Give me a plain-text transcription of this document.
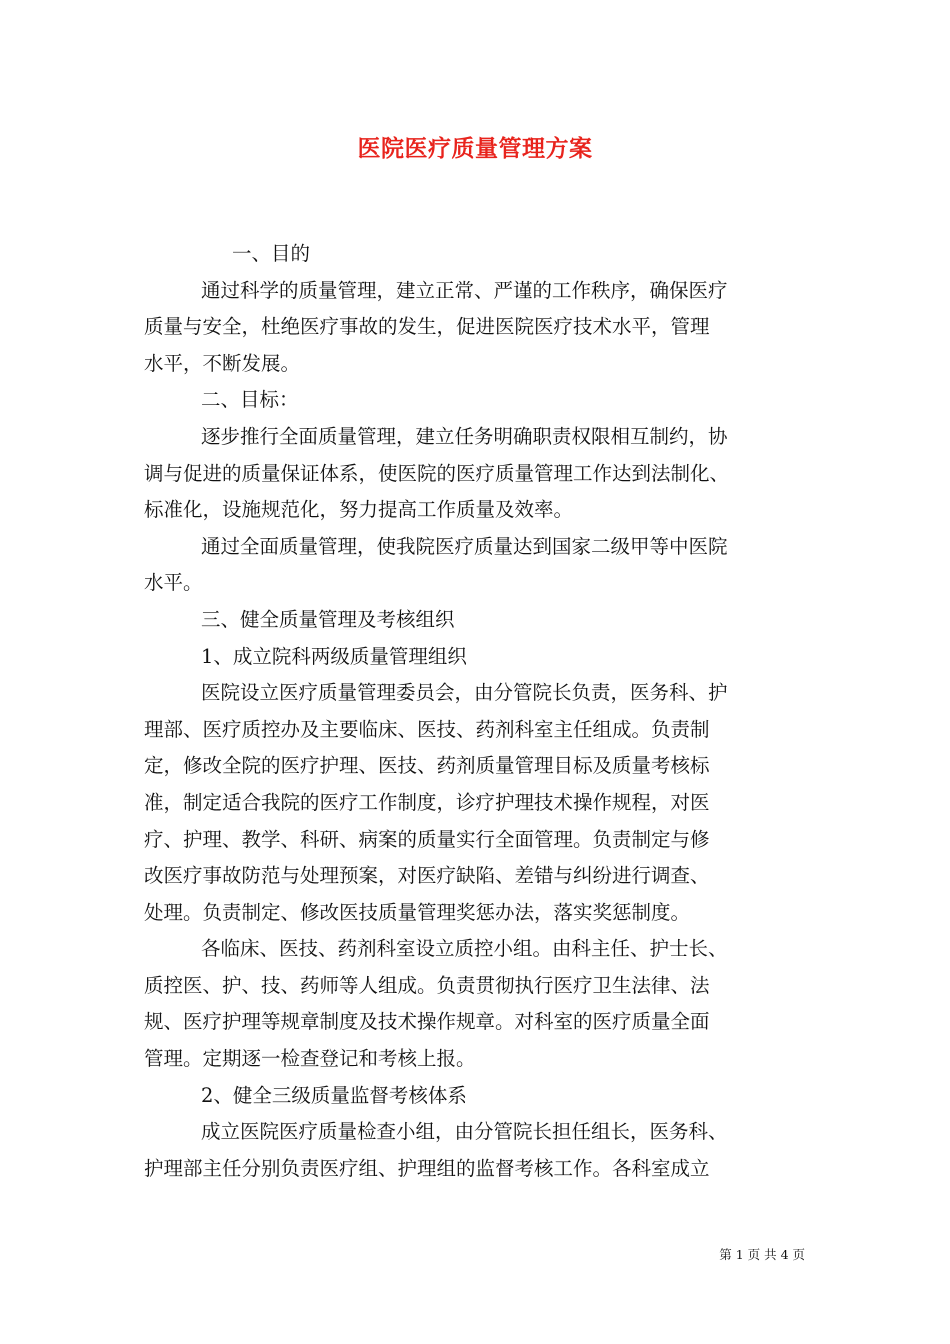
医院医疗质量管理方案
一、目的
通过科学的质量管理，建立正常、严谨的工作秩序，确保医疗
质量与安全，杜绝医疗事故的发生，促进医院医疗技术水平，管理
水平，不断发展。
二、目标：
逐步推行全面质量管理，建立任务明确职责权限相互制约，协
调与促进的质量保证体系，使医院的医疗质量管理工作达到法制化、
标准化，设施规范化，努力提高工作质量及效率。
通过全面质量管理，使我院医疗质量达到国家二级甲等中医院
水平。
三、健全质量管理及考核组织
1、成立院科两级质量管理组织
医院设立医疗质量管理委员会，由分管院长负责，医务科、护
理部、医疗质控办及主要临床、医技、药剂科室主任组成。负责制
定，修改全院的医疗护理、医技、药剂质量管理目标及质量考核标
准，制定适合我院的医疗工作制度，诊疗护理技术操作规程，对医
疗、护理、教学、科研、病案的质量实行全面管理。负责制定与修
改医疗事故防范与处理预案，对医疗缺陷、差错与纠纷进行调查、
处理。负责制定、修改医技质量管理奖惩办法，落实奖惩制度。
各临床、医技、药剂科室设立质控小组。由科主任、护士长、
质控医、护、技、药师等人组成。负责贯彻执行医疗卫生法律、法
规、医疗护理等规章制度及技术操作规章。对科室的医疗质量全面
管理。定期逐一检查登记和考核上报。
2、健全三级质量监督考核体系
成立医院医疗质量检查小组，由分管院长担任组长，医务科、
护理部主任分别负责医疗组、护理组的监督考核工作。各科室成立
第 1 页 共 4 页
